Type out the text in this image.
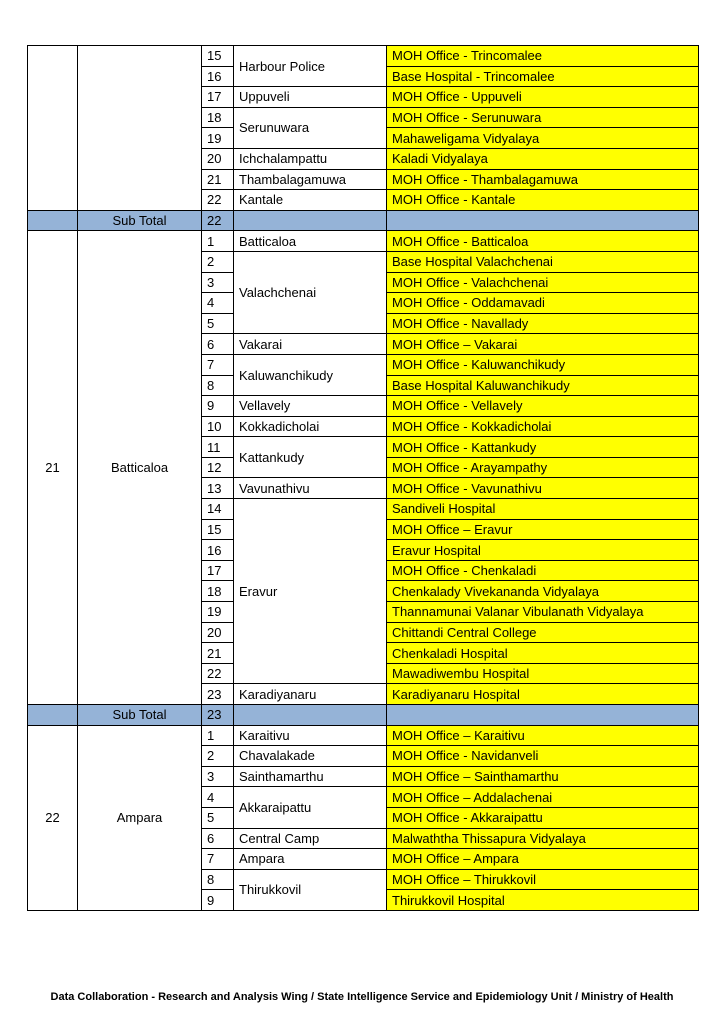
		15	Harbour Police	MOH Office - Trincomalee
		16		Base Hospital - Trincomalee
		17	Uppuveli	MOH Office - Uppuveli
		18	Serunuwara	MOH Office - Serunuwara
		19		Mahaweligama Vidyalaya
		20	Ichchalampattu	Kaladi Vidyalaya
		21	Thambalagamuwa	MOH Office - Thambalagamuwa
		22	Kantale	MOH Office - Kantale
	Sub Total	22		
21	Batticaloa	1	Batticaloa	MOH Office - Batticaloa
		2	Valachchenai	Base Hospital Valachchenai
		3		MOH Office - Valachchenai
		4		MOH Office - Oddamavadi
		5		MOH Office - Navallady
		6	Vakarai	MOH Office – Vakarai
		7	Kaluwanchikudy	MOH Office - Kaluwanchikudy
		8		Base Hospital Kaluwanchikudy
		9	Vellavely	MOH Office - Vellavely
		10	Kokkadicholai	MOH Office - Kokkadicholai
		11	Kattankudy	MOH Office - Kattankudy
		12		MOH Office - Arayampathy
		13	Vavunathivu	MOH Office - Vavunathivu
		14	Eravur	Sandiveli Hospital
		15		MOH Office – Eravur
		16		Eravur Hospital
		17		MOH Office - Chenkaladi
		18		Chenkalady Vivekananda Vidyalaya
		19		Thannamunai Valanar Vibulanath Vidyalaya
		20		Chittandi Central College
		21		Chenkaladi Hospital
		22		Mawadiwembu Hospital
		23	Karadiyanaru	Karadiyanaru Hospital
	Sub Total	23		
22	Ampara	1	Karaitivu	MOH Office – Karaitivu
		2	Chavalakade	MOH Office - Navidanveli
		3	Sainthamarthu	MOH Office – Sainthamarthu
		4	Akkaraipattu	MOH Office – Addalachenai
		5		MOH Office - Akkaraipattu
		6	Central Camp	Malwaththa Thissapura Vidyalaya
		7	Ampara	MOH Office – Ampara
		8	Thirukkovil	MOH Office – Thirukkovil
		9		Thirukkovil Hospital
Data Collaboration - Research and Analysis Wing / State Intelligence Service and Epidemiology Unit / Ministry of Health
